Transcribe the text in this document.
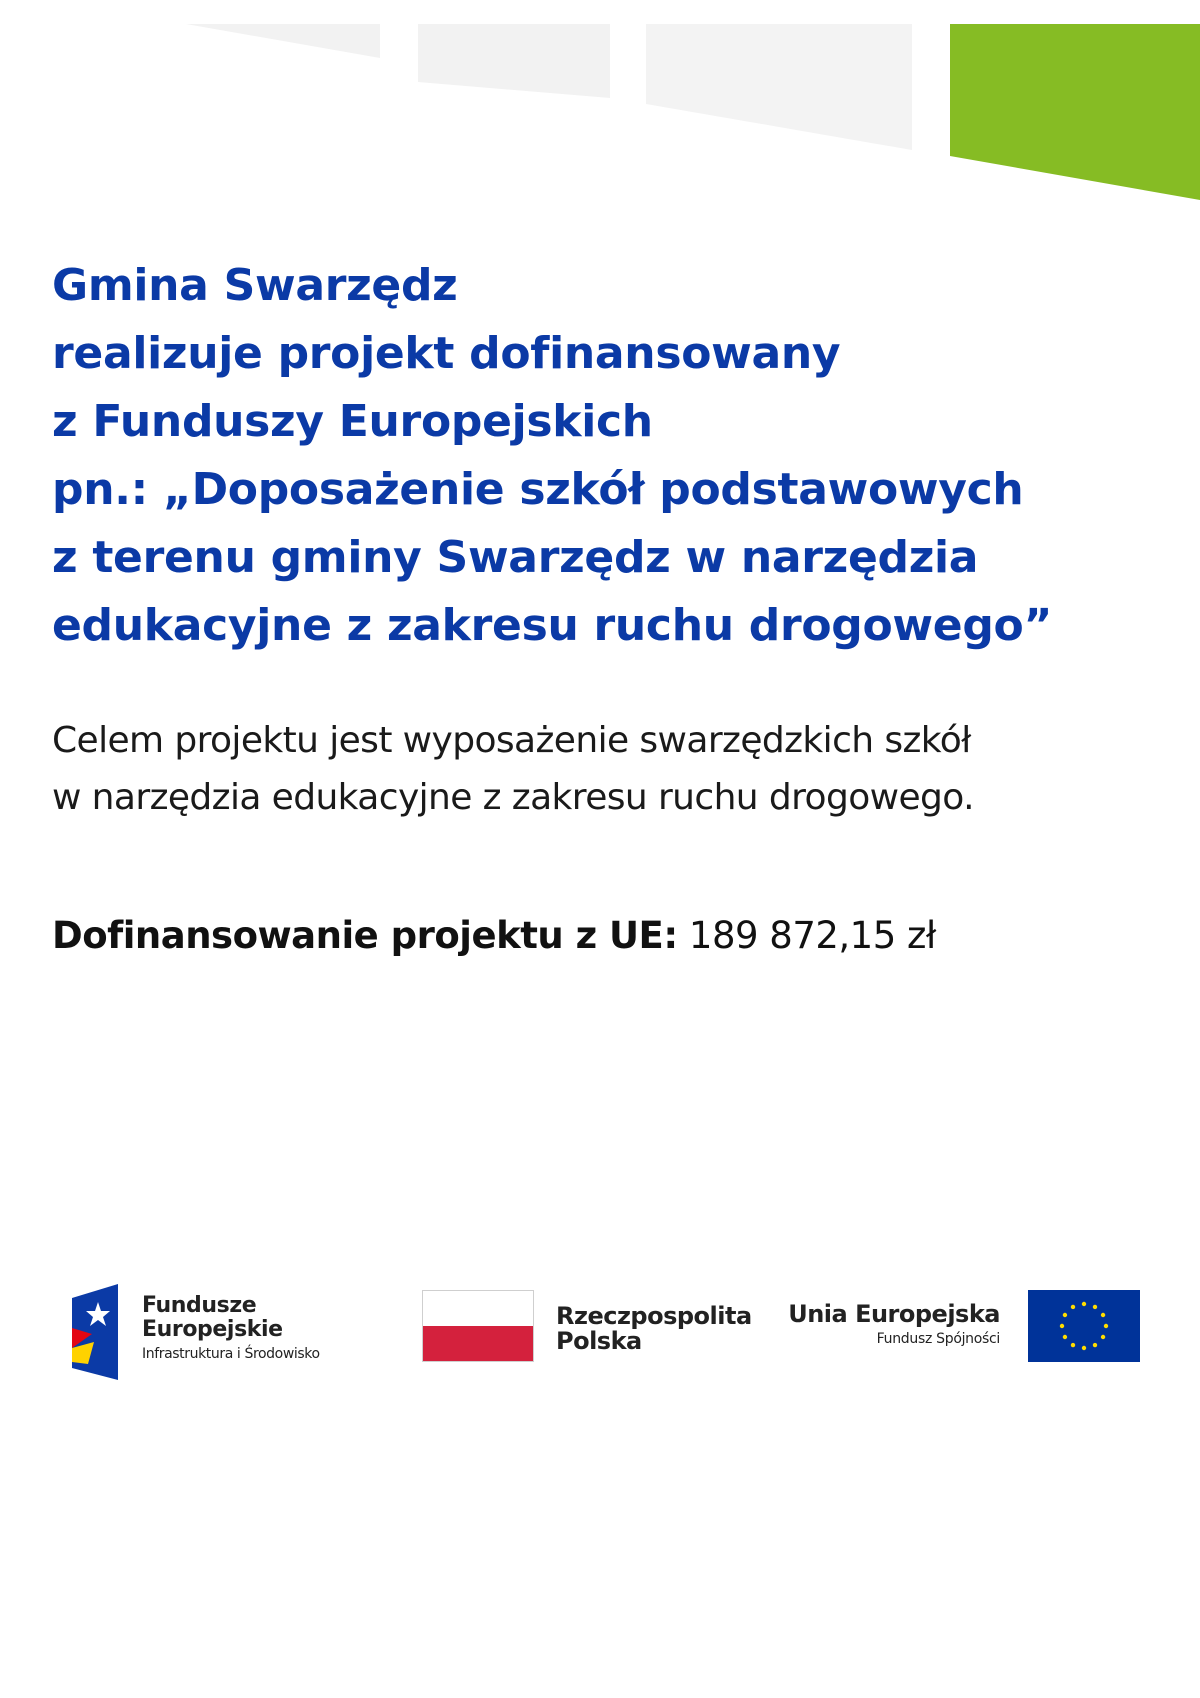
Gmina Swarzędz
realizuje projekt dofinansowany
z Funduszy Europejskich
pn.: „Doposażenie szkół podstawowych
z terenu gminy Swarzędz w narzędzia
edukacyjne z zakresu ruchu drogowego”
Celem projektu jest wyposażenie swarzędzkich szkół
w narzędzia edukacyjne z zakresu ruchu drogowego.
Dofinansowanie projektu z UE: 189 872,15 zł
Fundusze
Europejskie
Infrastruktura i Środowisko
Rzeczpospolita
Polska
Unia Europejska
Fundusz Spójności
